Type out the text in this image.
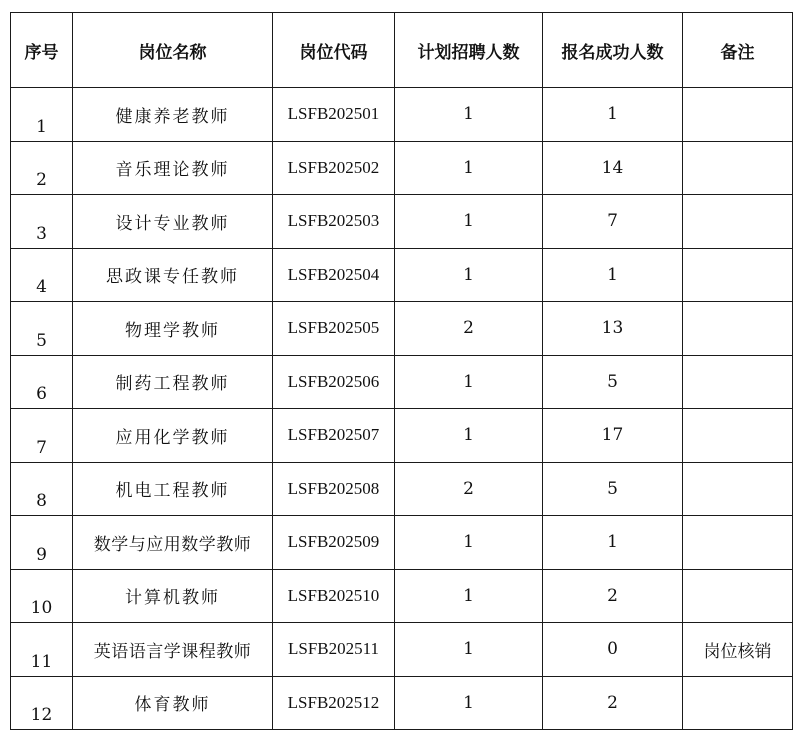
序号	岗位名称	岗位代码	计划招聘人数	报名成功人数	备注
1	健康养老教师	LSFB202501	1	1	
2	音乐理论教师	LSFB202502	1	14	
3	设计专业教师	LSFB202503	1	7	
4	思政课专任教师	LSFB202504	1	1	
5	物理学教师	LSFB202505	2	13	
6	制药工程教师	LSFB202506	1	5	
7	应用化学教师	LSFB202507	1	17	
8	机电工程教师	LSFB202508	2	5	
9	数学与应用数学教师	LSFB202509	1	1	
10	计算机教师	LSFB202510	1	2	
11	英语语言学课程教师	LSFB202511	1	0	岗位核销
12	体育教师	LSFB202512	1	2	
